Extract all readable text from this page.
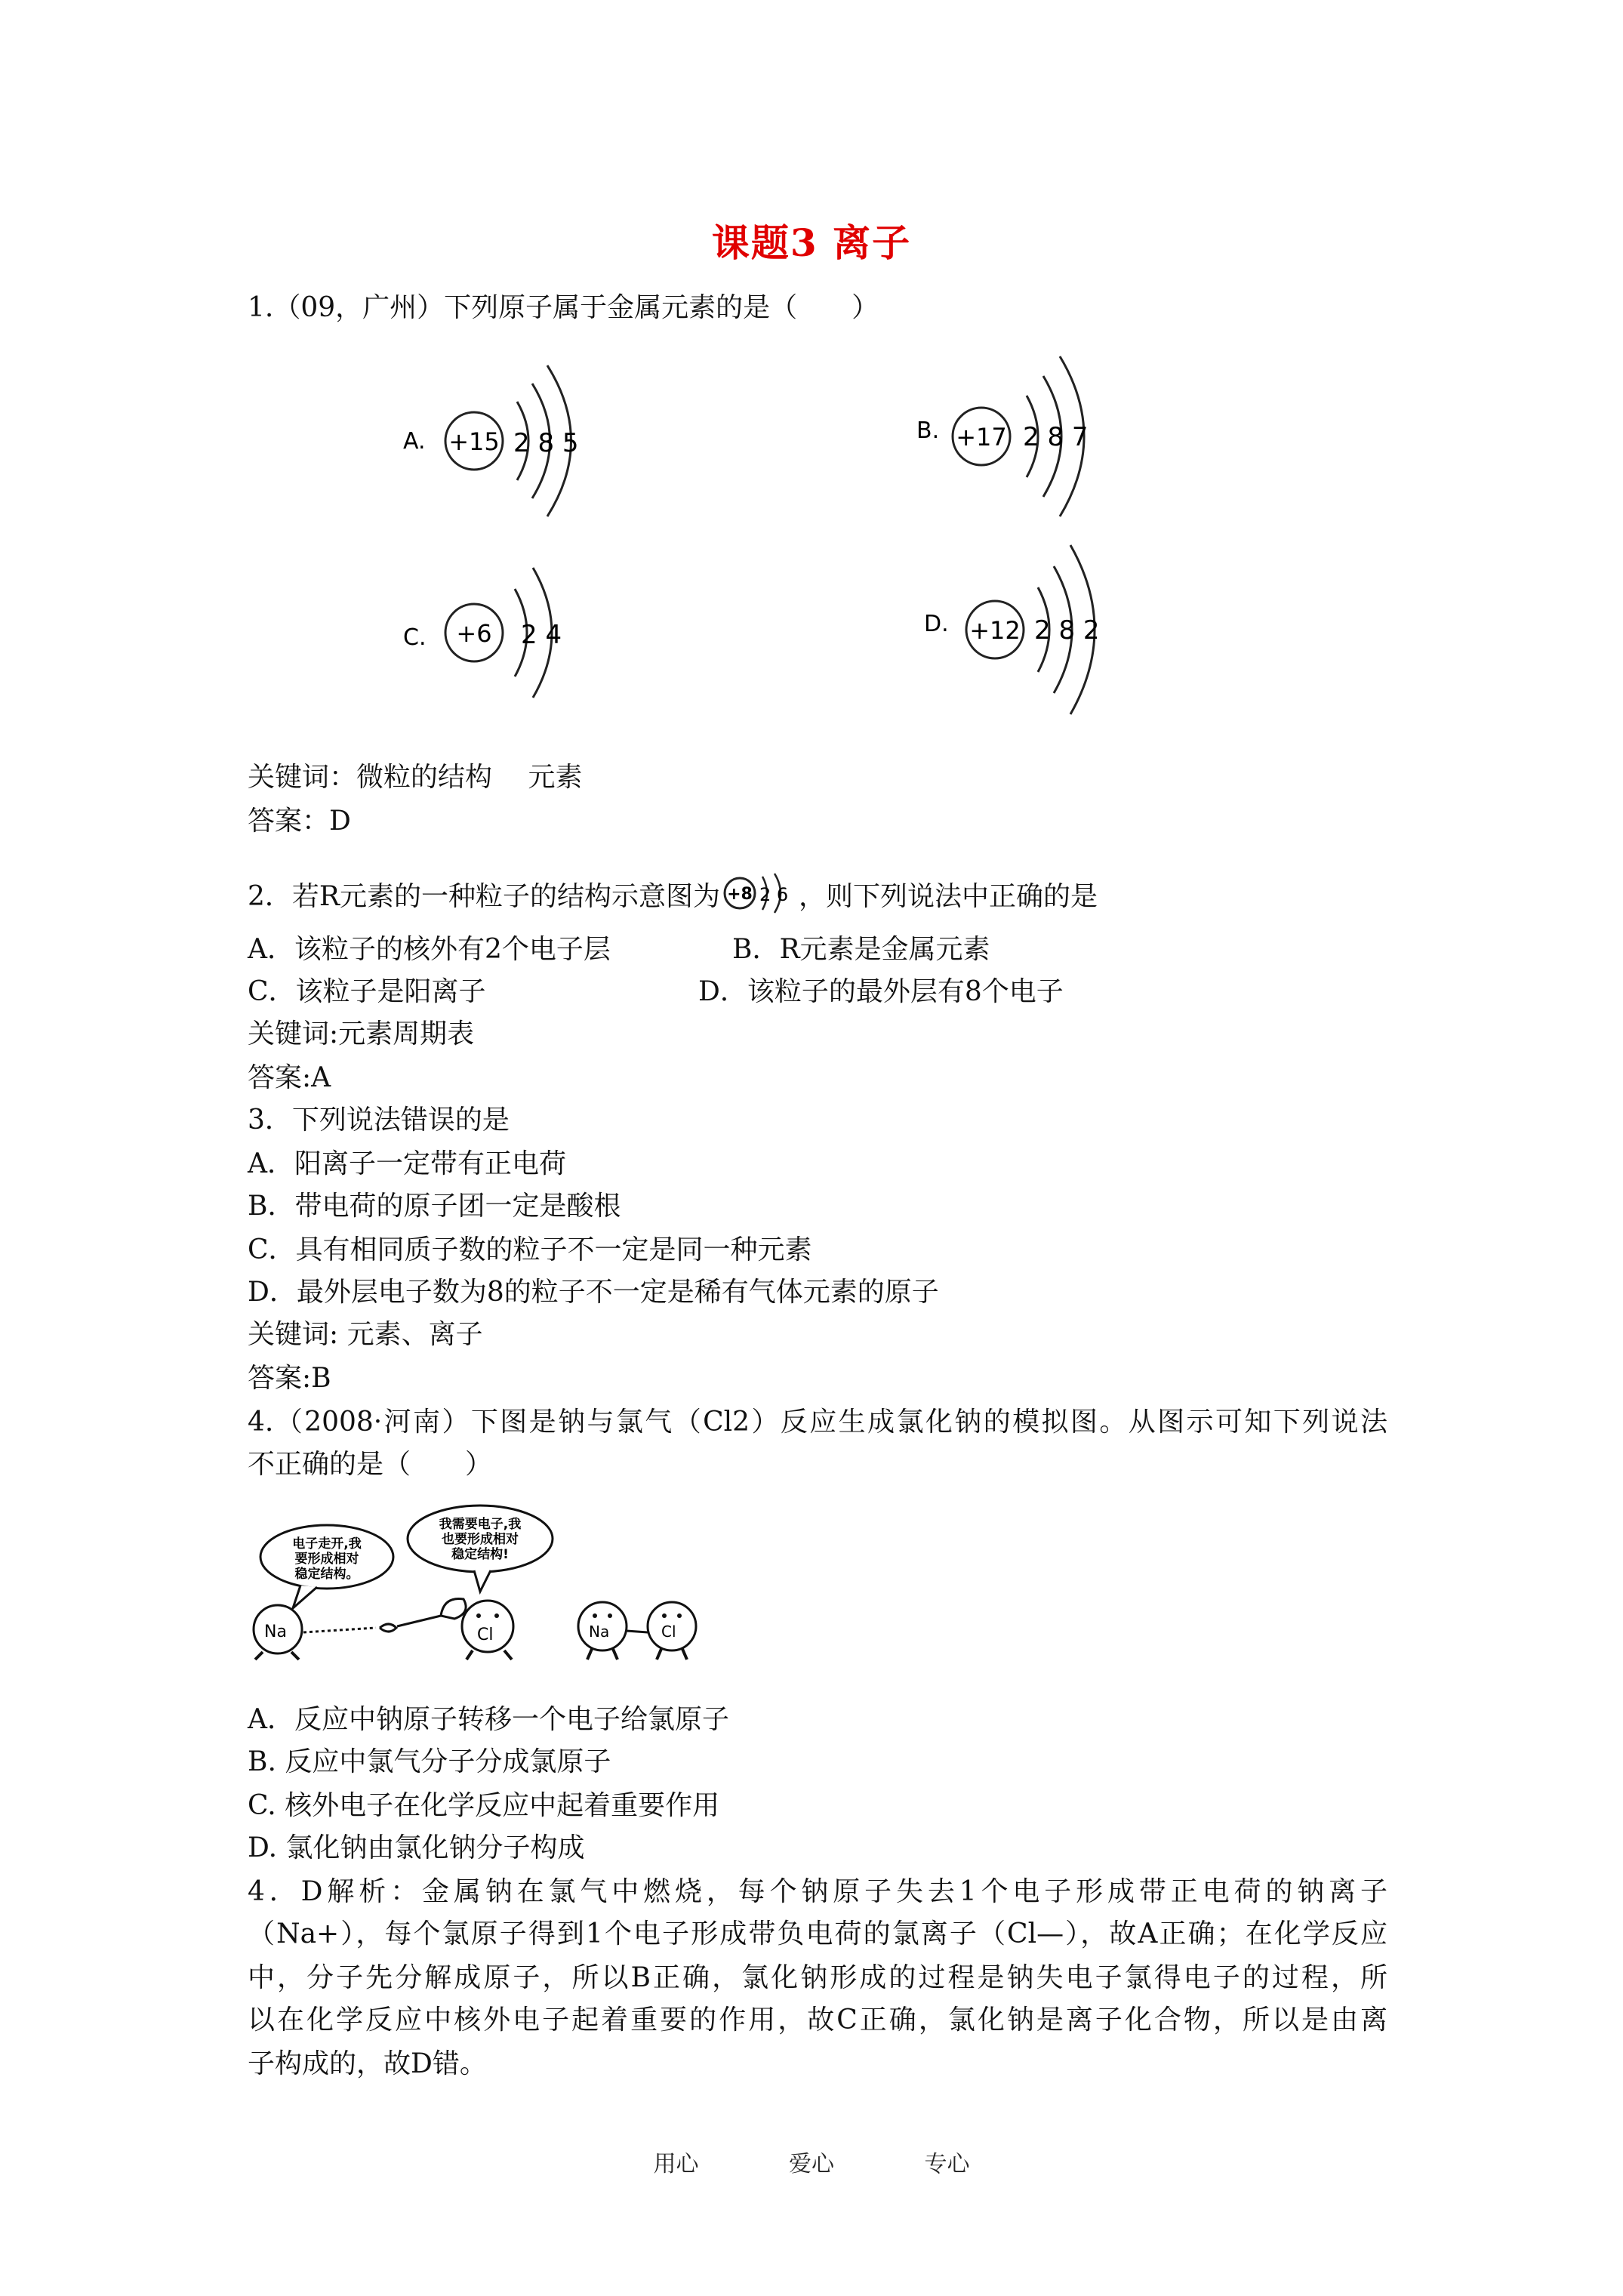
课题3 离子
1.（09，广州）下列原子属于金属元素的是（　　）
A. +15 2 8 5	B. +17 2 8 7
C. +6 2 4	D. +12 2 8 2
关键词：微粒的结构　 元素
答案：D
2．若R元素的一种粒子的结构示意图为 +8 2 6 ，则下列说法中正确的是
A．该粒子的核外有2个电子层	B．R元素是金属元素
C．该粒子是阳离子	D．该粒子的最外层有8个电子
关键词:元素周期表
答案:A
3．下列说法错误的是
A．阳离子一定带有正电荷
B．带电荷的原子团一定是酸根
C．具有相同质子数的粒子不一定是同一种元素
D．最外层电子数为8的粒子不一定是稀有气体元素的原子
关键词: 元素、离子
答案:B
4.（2008·河南）下图是钠与氯气（Cl2）反应生成氯化钠的模拟图。从图示可知下列说法
不正确的是（　　）
电子走开,我
要形成相对
稳定结构。
我需要电子,我
也要形成相对
稳定结构!
Na	Cl	Na	Cl
A．反应中钠原子转移一个电子给氯原子
B. 反应中氯气分子分成氯原子
C. 核外电子在化学反应中起着重要作用
D. 氯化钠由氯化钠分子构成
4．D解析：金属钠在氯气中燃烧，每个钠原子失去1个电子形成带正电荷的钠离子
（Na+），每个氯原子得到1个电子形成带负电荷的氯离子（Cl—），故A正确；在化学反应
中，分子先分解成原子，所以B正确，氯化钠形成的过程是钠失电子氯得电子的过程，所
以在化学反应中核外电子起着重要的作用，故C正确，氯化钠是离子化合物，所以是由离
子构成的，故D错。
用心	爱心	专心
